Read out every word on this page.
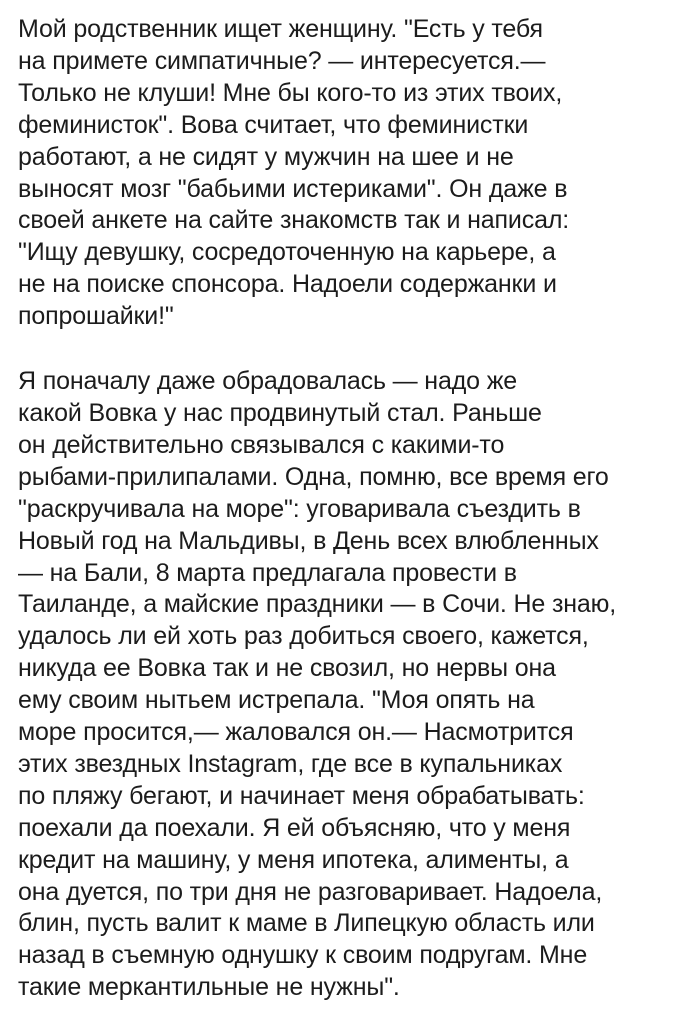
Мой родственник ищет женщину. "Есть у тебя
на примете симпатичные? — интересуется.—
Только не клуши! Мне бы кого-то из этих твоих,
феминисток". Вова считает, что феминистки
работают, а не сидят у мужчин на шее и не
выносят мозг "бабьими истериками". Он даже в
своей анкете на сайте знакомств так и написал:
"Ищу девушку, сосредоточенную на карьере, а
не на поиске спонсора. Надоели содержанки и
попрошайки!"

Я поначалу даже обрадовалась — надо же
какой Вовка у нас продвинутый стал. Раньше
он действительно связывался с какими-то
рыбами-прилипалами. Одна, помню, все время его
"раскручивала на море": уговаривала съездить в
Новый год на Мальдивы, в День всех влюбленных
— на Бали, 8 марта предлагала провести в
Таиланде, а майские праздники — в Сочи. Не знаю,
удалось ли ей хоть раз добиться своего, кажется,
никуда ее Вовка так и не свозил, но нервы она
ему своим нытьем истрепала. "Моя опять на
море просится,— жаловался он.— Насмотрится
этих звездных Instagram, где все в купальниках
по пляжу бегают, и начинает меня обрабатывать:
поехали да поехали. Я ей объясняю, что у меня
кредит на машину, у меня ипотека, алименты, а
она дуется, по три дня не разговаривает. Надоела,
блин, пусть валит к маме в Липецкую область или
назад в съемную однушку к своим подругам. Мне
такие меркантильные не нужны".
